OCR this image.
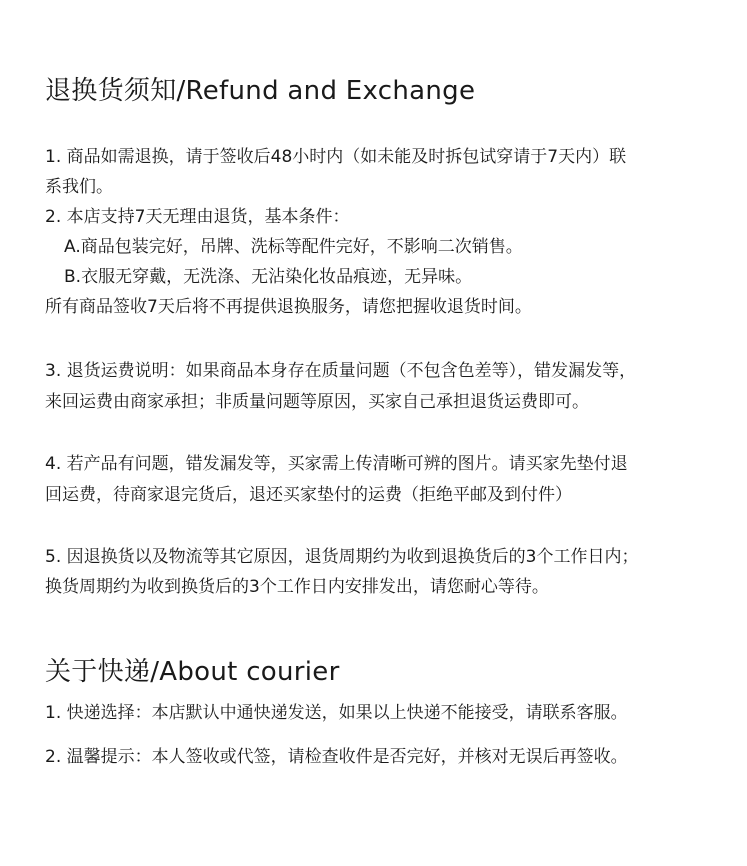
退换货须知/Refund and Exchange

1. 商品如需退换，请于签收后48小时内（如未能及时拆包试穿请于7天内）联

系我们。

2. 本店支持7天无理由退货，基本条件：

A.商品包装完好，吊牌、洗标等配件完好，不影响二次销售。

B.衣服无穿戴，无洗涤、无沾染化妆品痕迹，无异味。

所有商品签收7天后将不再提供退换服务，请您把握收退货时间。

3. 退货运费说明：如果商品本身存在质量问题（不包含色差等），错发漏发等，

来回运费由商家承担；非质量问题等原因，买家自己承担退货运费即可。

4. 若产品有问题，错发漏发等，买家需上传清晰可辨的图片。请买家先垫付退

回运费，待商家退完货后，退还买家垫付的运费（拒绝平邮及到付件）

5. 因退换货以及物流等其它原因，退货周期约为收到退换货后的3个工作日内；

换货周期约为收到换货后的3个工作日内安排发出，请您耐心等待。

关于快递/About courier

1. 快递选择：本店默认中通快递发送，如果以上快递不能接受，请联系客服。

2. 温馨提示：本人签收或代签，请检查收件是否完好，并核对无误后再签收。
